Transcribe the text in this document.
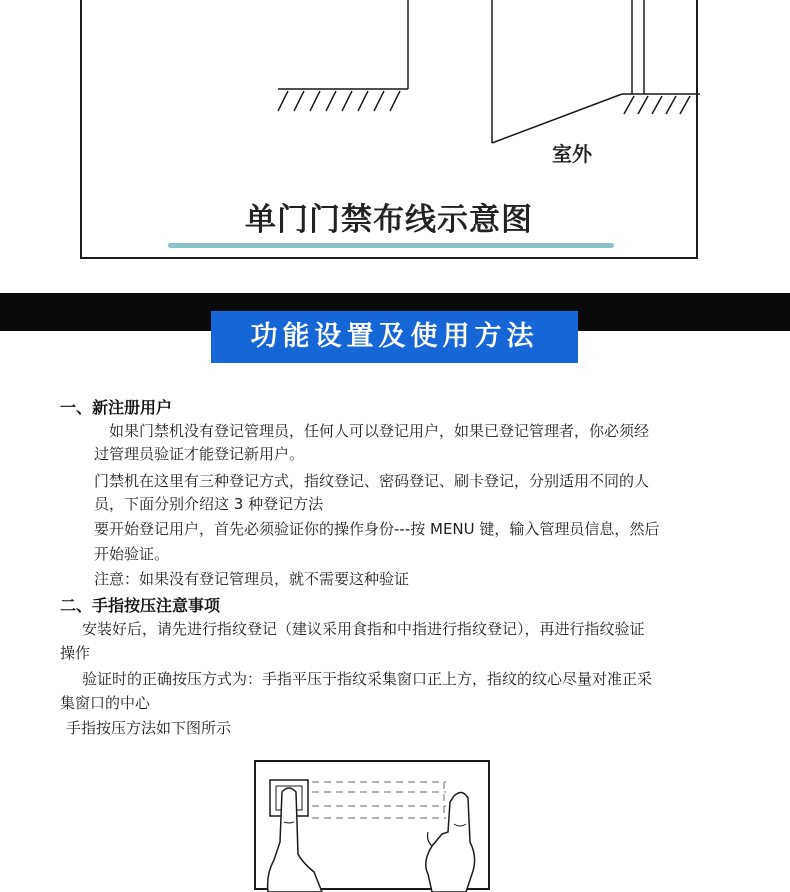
室外
单门门禁布线示意图
功能设置及使用方法
一、新注册用户
如果门禁机没有登记管理员，任何人可以登记用户，如果已登记管理者，你必须经
过管理员验证才能登记新用户。
门禁机在这里有三种登记方式，指纹登记、密码登记、刷卡登记，分别适用不同的人
员，下面分别介绍这 3 种登记方法
要开始登记用户，首先必须验证你的操作身份---按 MENU 键，输入管理员信息，然后
开始验证。
注意：如果没有登记管理员，就不需要这种验证
二、手指按压注意事项
安装好后，请先进行指纹登记（建议采用食指和中指进行指纹登记），再进行指纹验证
操作
验证时的正确按压方式为：手指平压于指纹采集窗口正上方，指纹的纹心尽量对准正采
集窗口的中心
手指按压方法如下图所示
